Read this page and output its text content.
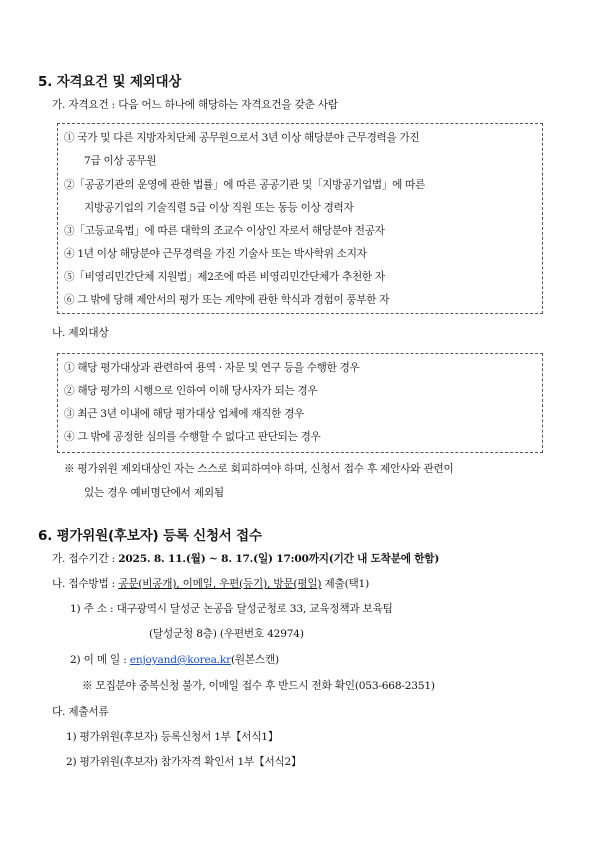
5. 자격요건 및 제외대상
가. 자격요건 : 다음 어느 하나에 해당하는 자격요건을 갖춘 사람
① 국가 및 다른 지방자치단체 공무원으로서 3년 이상 해당분야 근무경력을 가진
7급 이상 공무원
②「공공기관의 운영에 관한 법률」에 따른 공공기관 및「지방공기업법」에 따른
지방공기업의 기술직렬 5급 이상 직원 또는 동등 이상 경력자
③「고등교육법」에 따른 대학의 조교수 이상인 자로서 해당분야 전공자
④ 1년 이상 해당분야 근무경력을 가진 기술사 또는 박사학위 소지자
⑤「비영리민간단체 지원법」제2조에 따른 비영리민간단체가 추천한 자
⑥ 그 밖에 당해 제안서의 평가 또는 계약에 관한 학식과 경험이 풍부한 자
나. 제외대상
① 해당 평가대상과 관련하여 용역 · 자문 및 연구 등을 수행한 경우
② 해당 평가의 시행으로 인하여 이해 당사자가 되는 경우
③ 최근 3년 이내에 해당 평가대상 업체에 재직한 경우
④ 그 밖에 공정한 심의를 수행할 수 없다고 판단되는 경우
※ 평가위원 제외대상인 자는 스스로 회피하여야 하며, 신청서 접수 후 제안사와 관련이
있는 경우 예비명단에서 제외됨
6. 평가위원(후보자) 등록 신청서 접수
가. 접수기간 : 2025. 8. 11.(월) ~ 8. 17.(일) 17:00까지(기간 내 도착분에 한함)
나. 접수방법 : 공문(비공개), 이메일, 우편(등기), 방문(평일) 제출(택1)
1) 주 소 : 대구광역시 달성군 논공읍 달성군청로 33, 교육정책과 보육팀
(달성군청 8층) (우편번호 42974)
2) 이 메 일 : enjoyand@korea.kr(원본스캔)
※ 모집분야 중복신청 불가, 이메일 접수 후 반드시 전화 확인(053-668-2351)
다. 제출서류
1) 평가위원(후보자) 등록신청서 1부【서식1】
2) 평가위원(후보자) 참가자격 확인서 1부【서식2】
